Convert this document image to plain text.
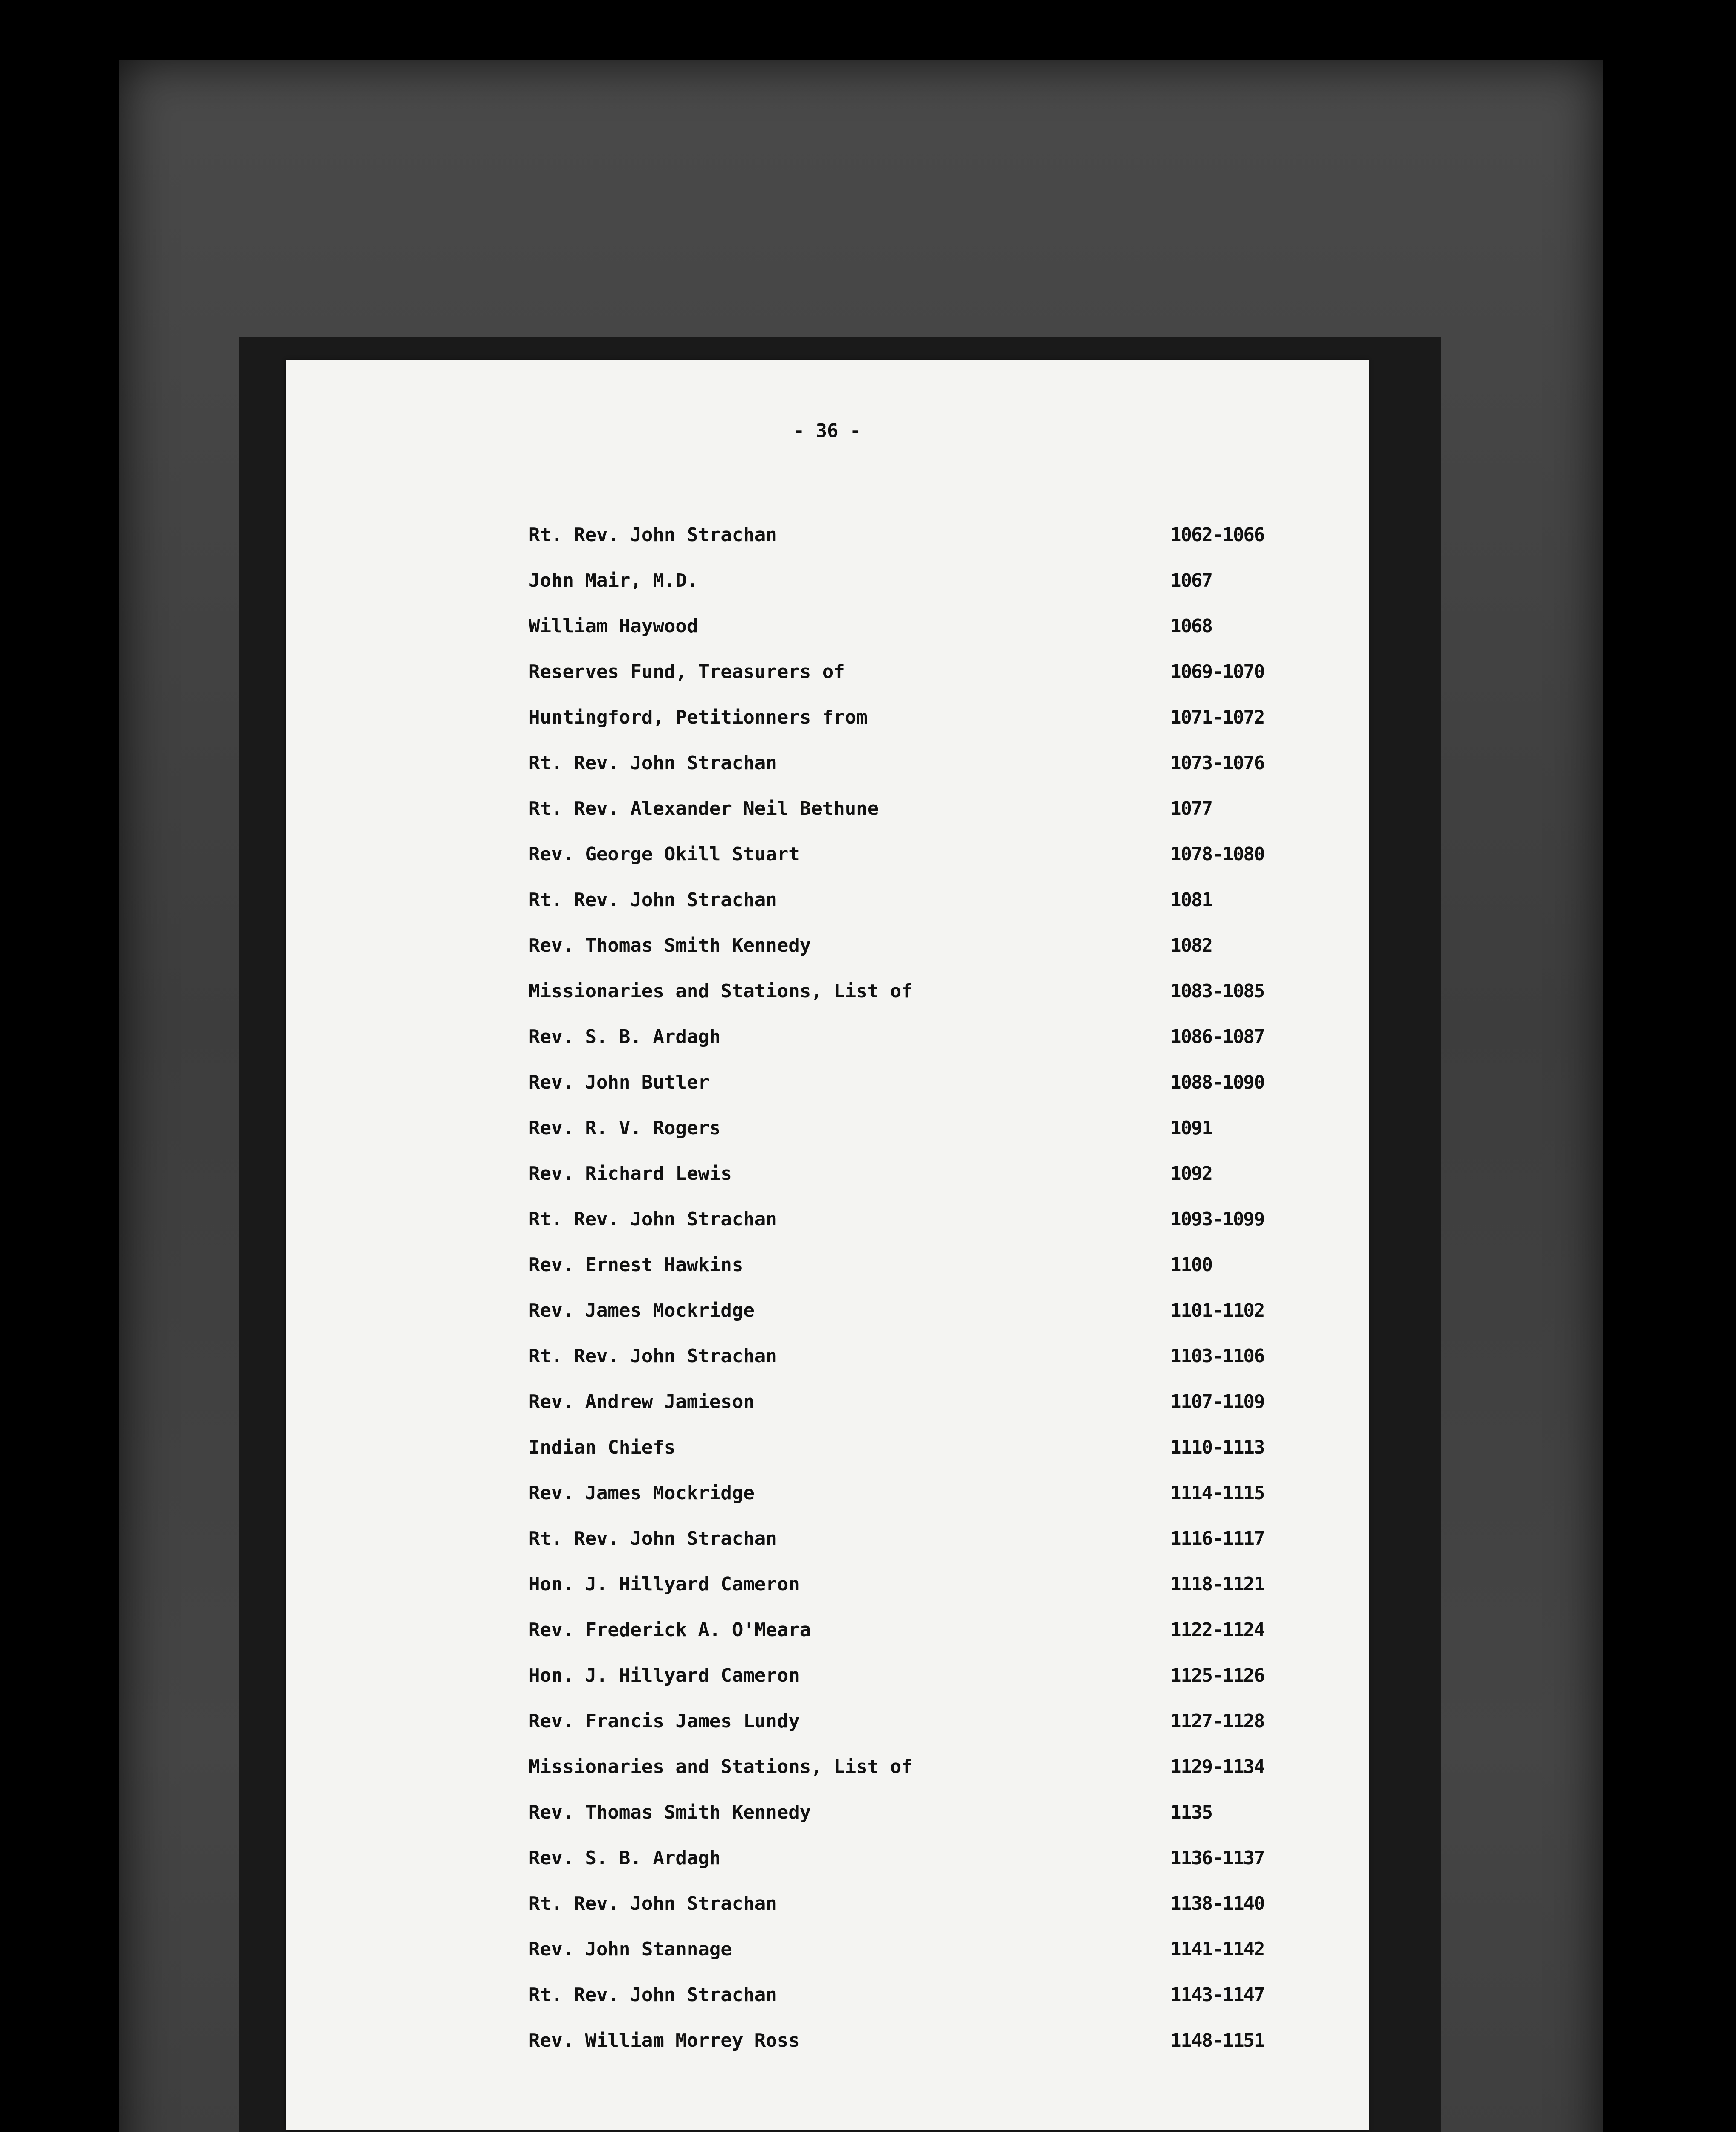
- 36 -
Rt. Rev. John Strachan	1062-1066
John Mair, M.D.	1067
William Haywood	1068
Reserves Fund, Treasurers of	1069-1070
Huntingford, Petitionners from	1071-1072
Rt. Rev. John Strachan	1073-1076
Rt. Rev. Alexander Neil Bethune	1077
Rev. George Okill Stuart	1078-1080
Rt. Rev. John Strachan	1081
Rev. Thomas Smith Kennedy	1082
Missionaries and Stations, List of	1083-1085
Rev. S. B. Ardagh	1086-1087
Rev. John Butler	1088-1090
Rev. R. V. Rogers	1091
Rev. Richard Lewis	1092
Rt. Rev. John Strachan	1093-1099
Rev. Ernest Hawkins	1100
Rev. James Mockridge	1101-1102
Rt. Rev. John Strachan	1103-1106
Rev. Andrew Jamieson	1107-1109
Indian Chiefs	1110-1113
Rev. James Mockridge	1114-1115
Rt. Rev. John Strachan	1116-1117
Hon. J. Hillyard Cameron	1118-1121
Rev. Frederick A. O'Meara	1122-1124
Hon. J. Hillyard Cameron	1125-1126
Rev. Francis James Lundy	1127-1128
Missionaries and Stations, List of	1129-1134
Rev. Thomas Smith Kennedy	1135
Rev. S. B. Ardagh	1136-1137
Rt. Rev. John Strachan	1138-1140
Rev. John Stannage	1141-1142
Rt. Rev. John Strachan	1143-1147
Rev. William Morrey Ross	1148-1151
